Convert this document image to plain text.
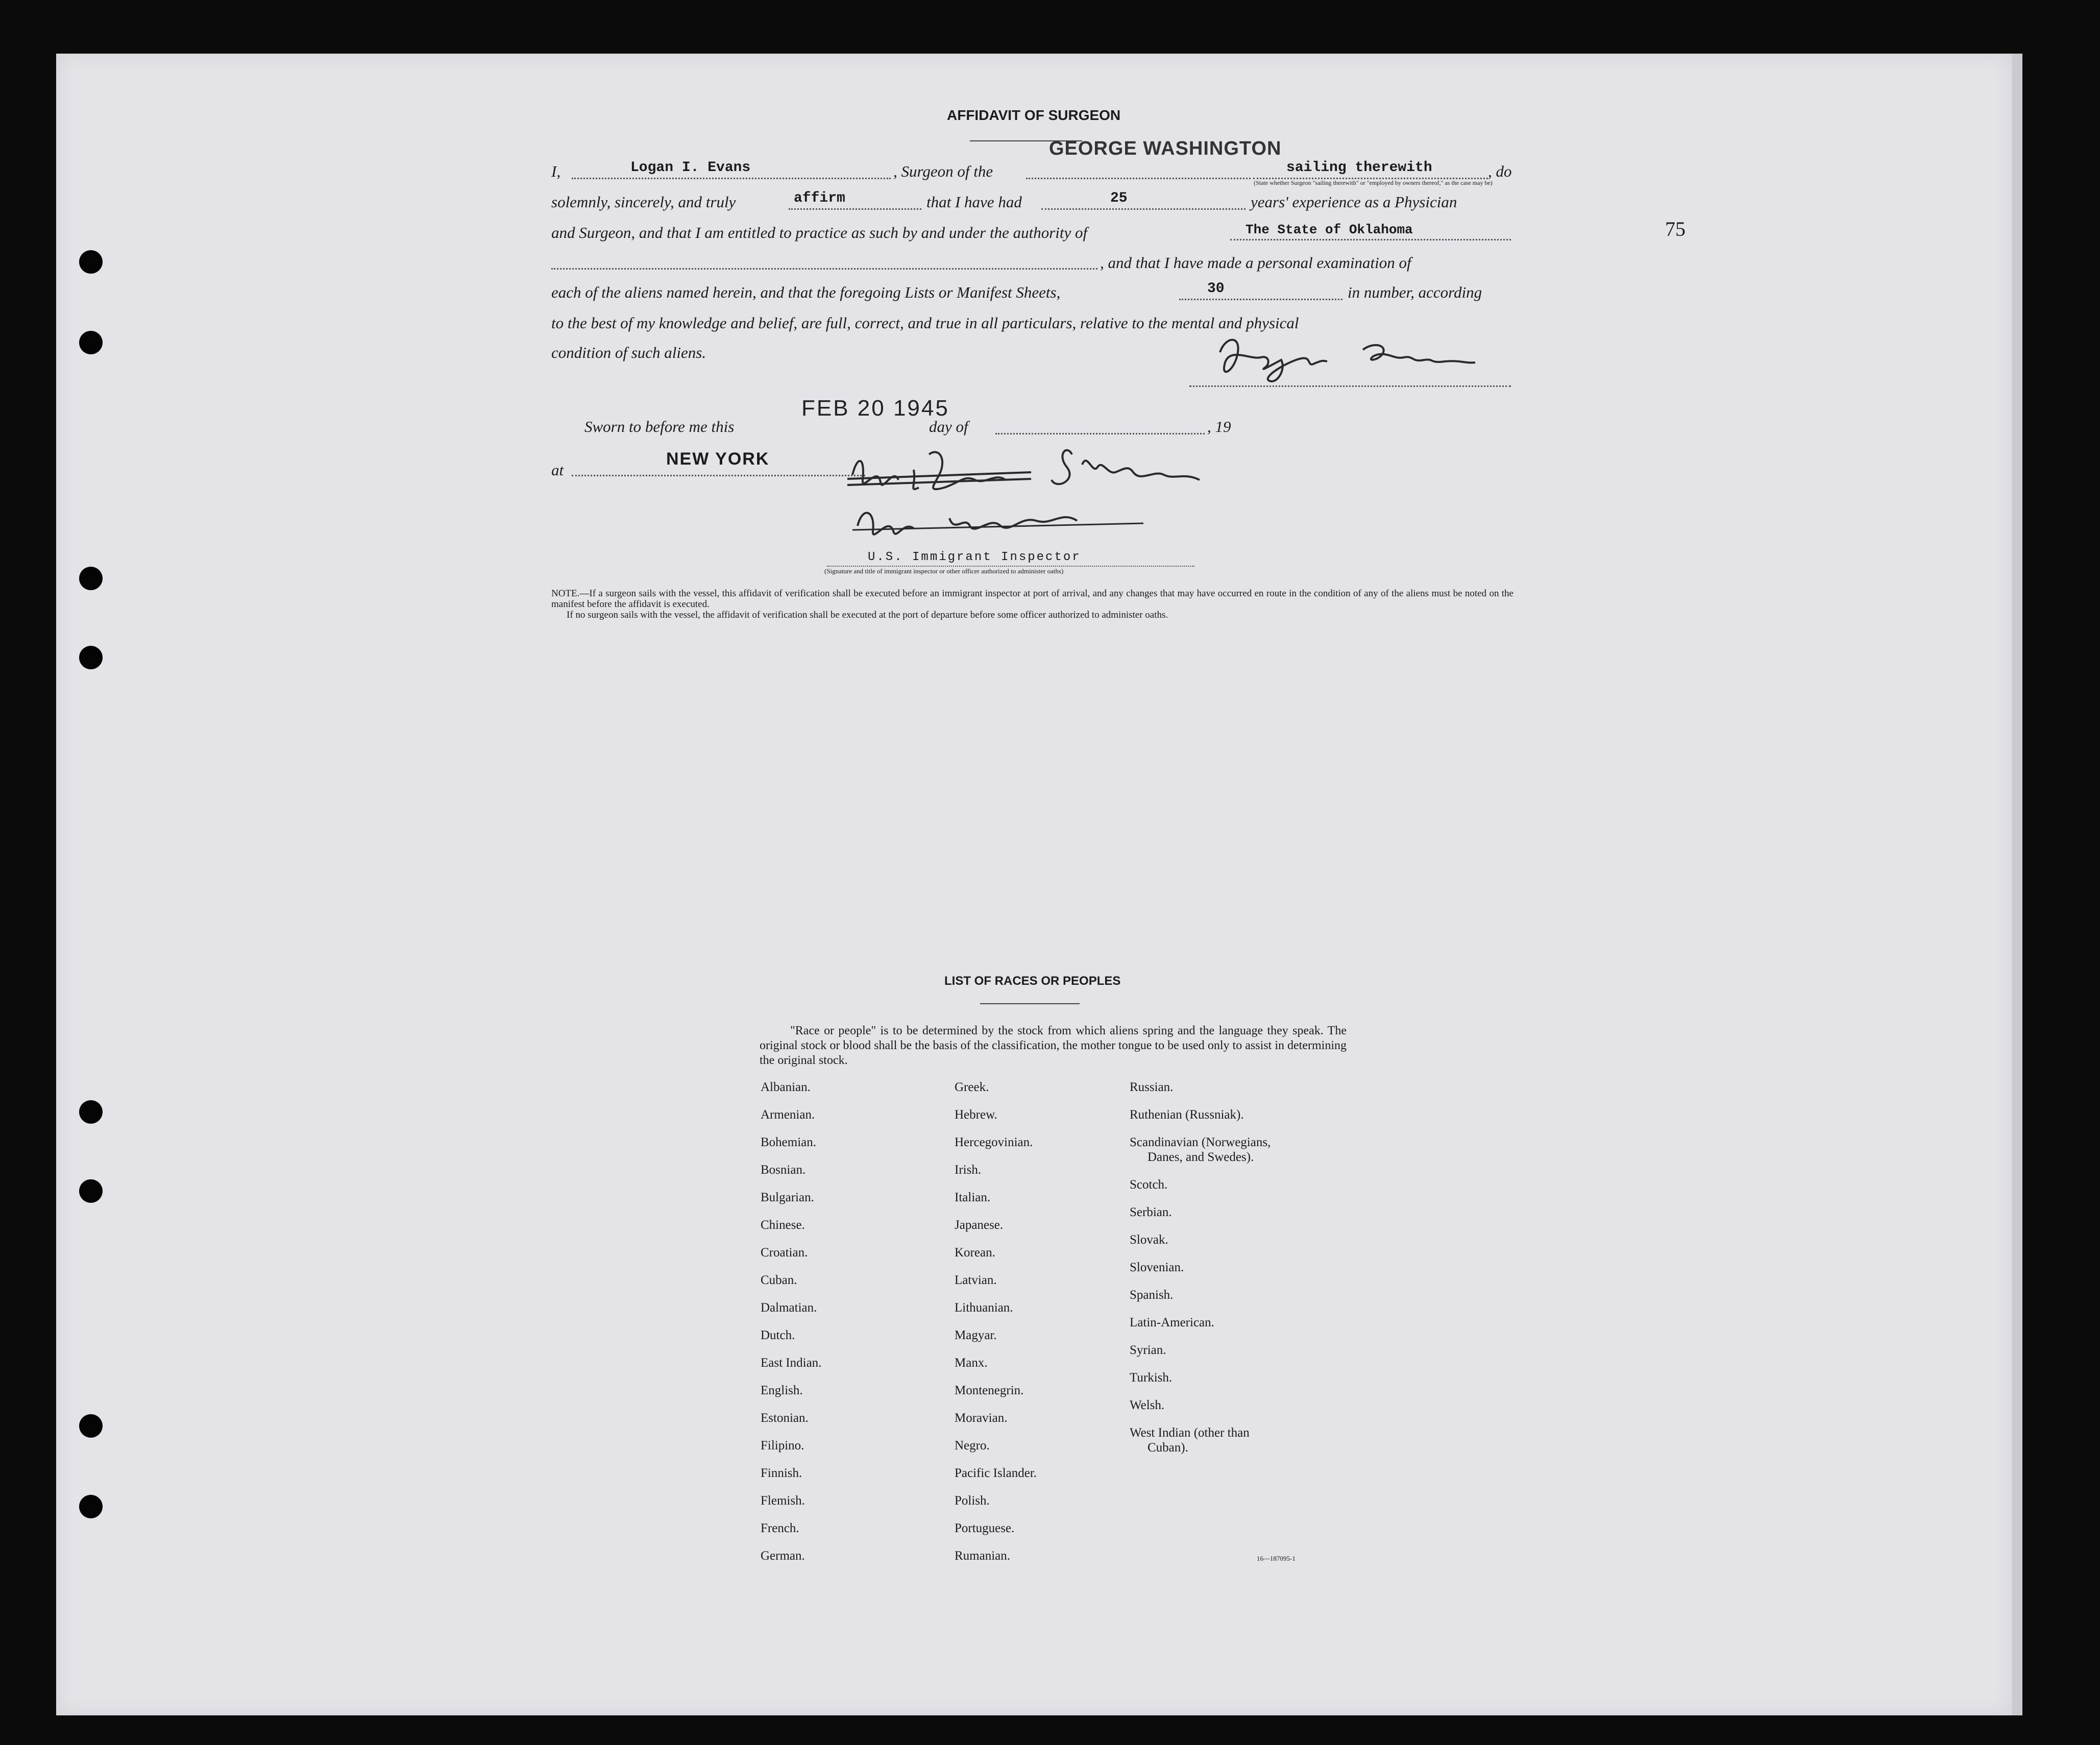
75
AFFIDAVIT OF SURGEON
GEORGE WASHINGTON
I,	Logan I. Evans	, Surgeon of the	sailing therewith	, do
(State whether Surgeon "sailing therewith" or "employed by owners thereof," as the case may be)
solemnly, sincerely, and truly	affirm	that I have had	25	years' experience as a Physician
and Surgeon, and that I am entitled to practice as such by and under the authority of	The State of Oklahoma
, and that I have made a personal examination of
each of the aliens named herein, and that the foregoing Lists or Manifest Sheets,	30	in number, according
to the best of my knowledge and belief, are full, correct, and true in all particulars, relative to the mental and physical
condition of such aliens.
Sworn to before me this
FEB 20 1945
day of	, 19
at
NEW YORK
U.S. Immigrant Inspector
(Signature and title of immigrant inspector or other officer authorized to administer oaths)
NOTE.—If a surgeon sails with the vessel, this affidavit of verification shall be executed before an immigrant inspector at port of arrival, and any changes that may have occurred en route in the condition of any of the aliens must be noted on the manifest before the affidavit is executed.
If no surgeon sails with the vessel, the affidavit of verification shall be executed at the port of departure before some officer authorized to administer oaths.
LIST OF RACES OR PEOPLES
"Race or people" is to be determined by the stock from which aliens spring and the language they speak. The original stock or blood shall be the basis of the classification, the mother tongue to be used only to assist in determining the original stock.
Albanian.
Armenian.
Bohemian.
Bosnian.
Bulgarian.
Chinese.
Croatian.
Cuban.
Dalmatian.
Dutch.
East Indian.
English.
Estonian.
Filipino.
Finnish.
Flemish.
French.
German.
Greek.
Hebrew.
Hercegovinian.
Irish.
Italian.
Japanese.
Korean.
Latvian.
Lithuanian.
Magyar.
Manx.
Montenegrin.
Moravian.
Negro.
Pacific Islander.
Polish.
Portuguese.
Rumanian.
Russian.
Ruthenian (Russniak).
Scandinavian (Norwegians,
Danes, and Swedes).
Scotch.
Serbian.
Slovak.
Slovenian.
Spanish.
Latin-American.
Syrian.
Turkish.
Welsh.
West Indian (other than
Cuban).
16—187095-1
